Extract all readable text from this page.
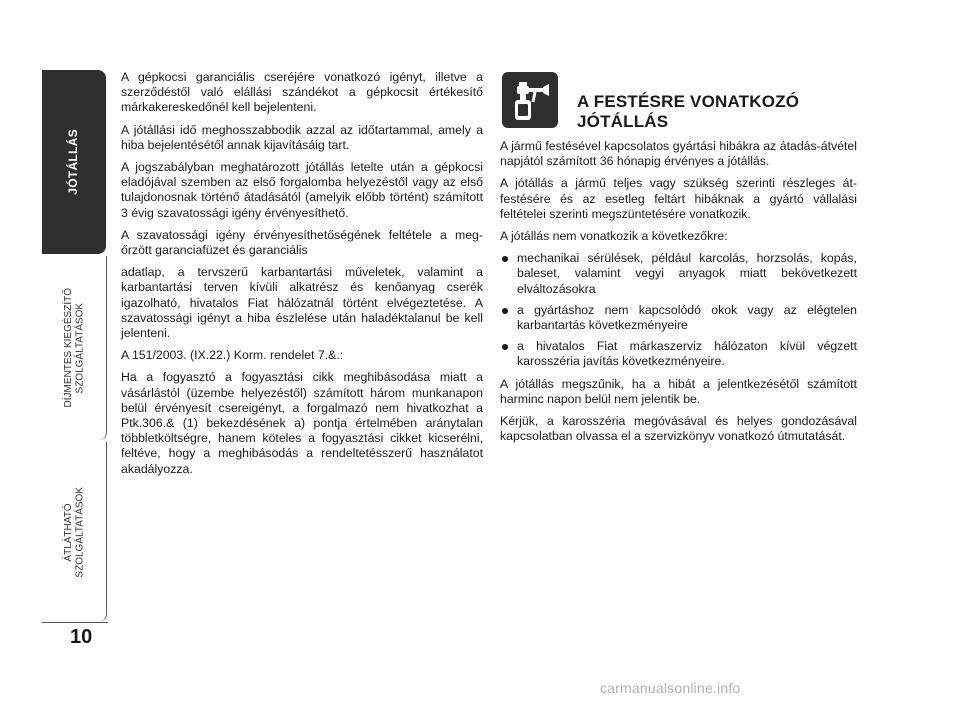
JÓTÁLLÁS
DÍJMENTES KIEGÉSZÍTŐ
SZOLGÁLTATÁSOK
ÁTLÁTHATÓ
SZOLGÁLTATÁSOK
10

A gépkocsi garanciális cseréjére vonatkozó igényt, illetve a szerződéstől való elállási szándékot a gépkocsit értékesítő márkakereskedőnél kell bejelenteni.

A jótállási idő meghosszabbodik azzal az időtartammal, amely a hiba bejelentésétől annak kijavításáig tart.

A jogszabályban meghatározott jótállás letelte után a gépkocsi eladójával szemben az első forgalomba helyezéstől vagy az első tulajdonosnak történő átadásától (amelyik előbb történt) számított 3 évig szavatossági igény érvényesíthető.

A szavatossági igény érvényesíthetőségének feltétele a meg-őrzött garanciafüzet és garanciális

adatlap, a tervszerű karbantartási műveletek, valamint a karbantartási terven kívüli alkatrész és kenőanyag cserék igazolható, hivatalos Fiat hálózatnál történt elvégeztetése. A szavatossági igényt a hiba észlelése után haladéktalanul be kell jelenteni.

A 151/2003. (IX.22.) Korm. rendelet 7.&.:

Ha a fogyasztó a fogyasztási cikk meghibásodása miatt a vásárlástól (üzembe helyezéstől) számított három munkanapon belül érvényesít csereigényt, a forgalmazó nem hivatkozhat a Ptk.306.& (1) bekezdésének a) pontja értelmében aránytalan többletköltségre, hanem köteles a fogyasztási cikket kicserélni, feltéve, hogy a meghibásodás a rendeltetésszerű használatot akadályozza.

A FESTÉSRE VONATKOZÓ JÓTÁLLÁS

A jármű festésével kapcsolatos gyártási hibákra az átadás-átvétel napjától számított 36 hónapig érvényes a jótállás.

A jótállás a jármű teljes vagy szükség szerinti részleges át-festésére és az esetleg feltárt hibáknak a gyártó vállalási feltételei szerinti megszüntetésére vonatkozik.

A jótállás nem vonatkozik a következőkre:

mechanikai sérülések, például karcolás, horzsolás, kopás, baleset, valamint vegyi anyagok miatt bekövetkezett elváltozásokra
a gyártáshoz nem kapcsolódó okok vagy az elégtelen karbantartás következményeire
a hivatalos Fiat márkaszerviz hálózaton kívül végzett karosszéria javítás következményeire.

A jótállás megszűnik, ha a hibát a jelentkezésétől számított harminc napon belül nem jelentik be.

Kérjük, a karosszéria megóvásával és helyes gondozásával kapcsolatban olvassa el a szervizkönyv vonatkozó útmutatását.

carmanualsonline.info
